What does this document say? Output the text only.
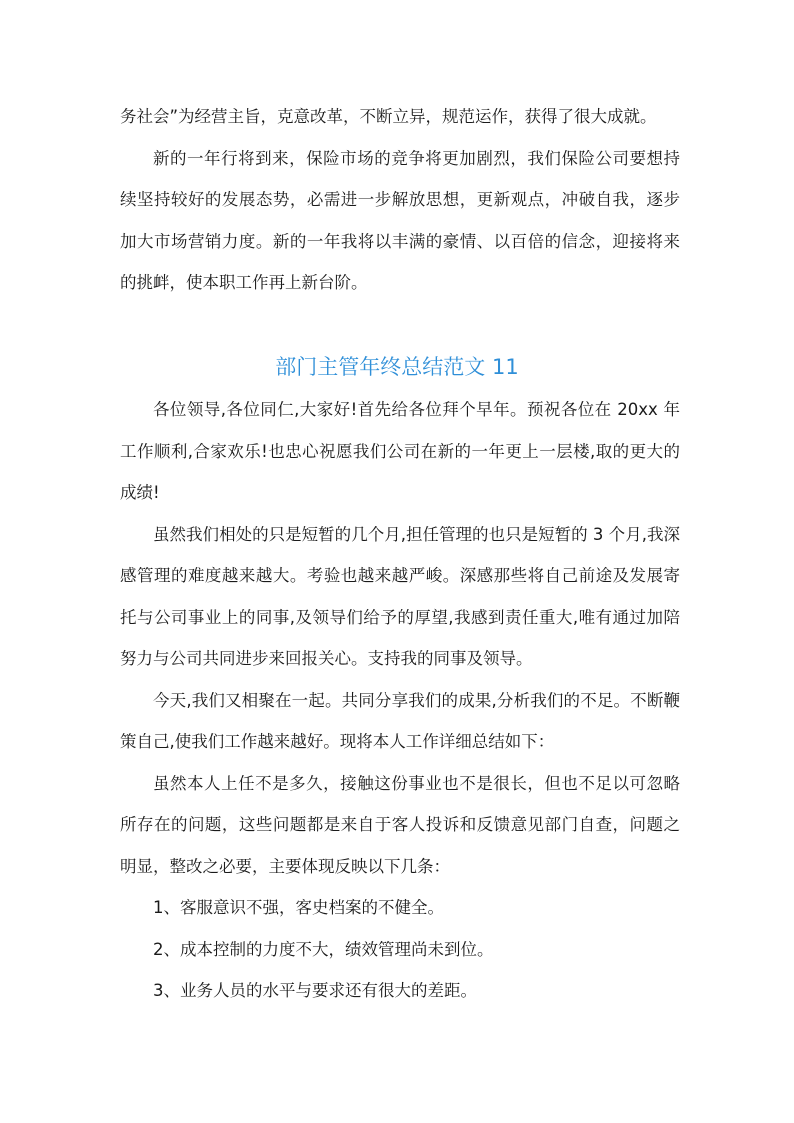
务社会”为经营主旨，克意改革，不断立异，规范运作，获得了很大成就。

新的一年行将到来，保险市场的竞争将更加剧烈，我们保险公司要想持续坚持较好的发展态势，必需进一步解放思想，更新观点，冲破自我，逐步加大市场营销力度。新的一年我将以丰满的豪情、以百倍的信念，迎接将来的挑衅，使本职工作再上新台阶。

部门主管年终总结范文 11

各位领导,各位同仁,大家好!首先给各位拜个早年。预祝各位在 20xx 年工作顺利,合家欢乐!也忠心祝愿我们公司在新的一年更上一层楼,取的更大的成绩!

虽然我们相处的只是短暂的几个月,担任管理的也只是短暂的 3 个月,我深感管理的难度越来越大。考验也越来越严峻。深感那些将自己前途及发展寄托与公司事业上的同事,及领导们给予的厚望,我感到责任重大,唯有通过加陪努力与公司共同进步来回报关心。支持我的同事及领导。

今天,我们又相聚在一起。共同分享我们的成果,分析我们的不足。不断鞭策自己,使我们工作越来越好。现将本人工作详细总结如下：

虽然本人上任不是多久，接触这份事业也不是很长，但也不足以可忽略所存在的问题，这些问题都是来自于客人投诉和反馈意见部门自查，问题之明显，整改之必要，主要体现反映以下几条：

1、客服意识不强，客史档案的不健全。

2、成本控制的力度不大，绩效管理尚未到位。

3、业务人员的水平与要求还有很大的差距。
